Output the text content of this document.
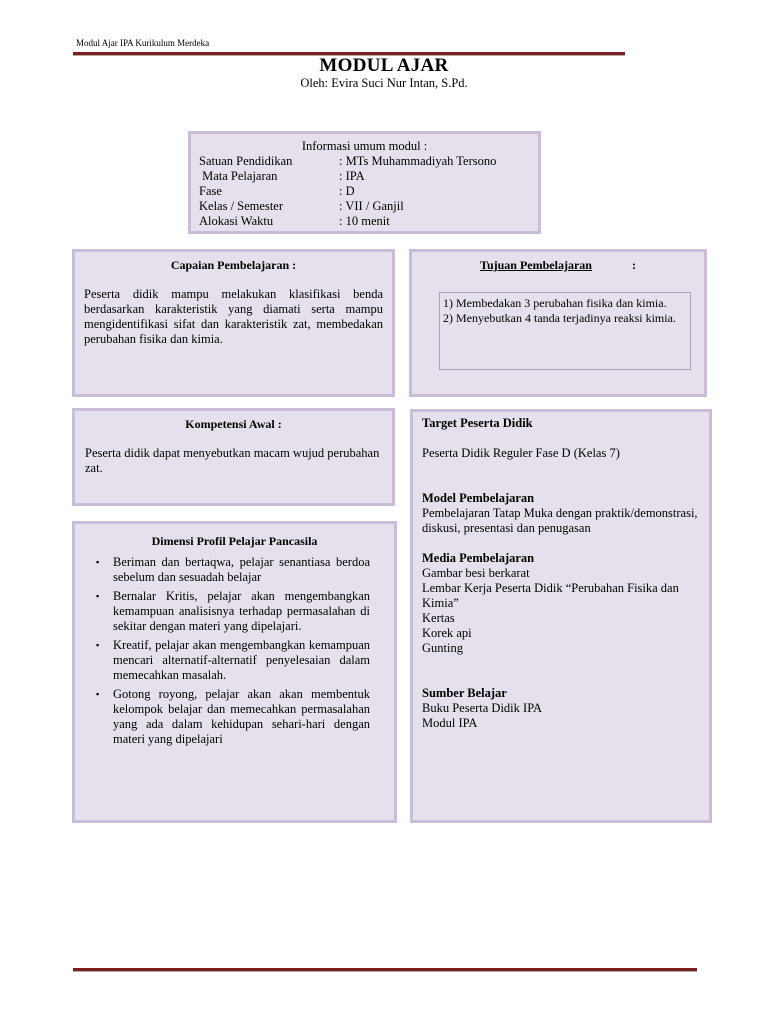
Modul Ajar IPA Kurikulum Merdeka
MODUL AJAR
Oleh: Evira Suci Nur Intan, S.Pd.
Informasi umum modul :
Satuan Pendidikan	: MTs Muhammadiyah Tersono
Mata Pelajaran	: IPA
Fase	: D
Kelas / Semester	: VII / Ganjil
Alokasi Waktu	: 10 menit
Capaian Pembelajaran :
Peserta didik mampu melakukan klasifikasi benda berdasarkan karakteristik yang diamati serta mampu mengidentifikasi sifat dan karakteristik zat, membedakan perubahan fisika dan kimia.
Tujuan Pembelajaran	:
1) Membedakan 3 perubahan fisika dan kimia.
2) Menyebutkan 4 tanda terjadinya reaksi kimia.
Kompetensi Awal :
Peserta didik dapat menyebutkan macam wujud perubahan zat.
Target Peserta Didik
Peserta Didik Reguler Fase D (Kelas 7)
Model Pembelajaran
Pembelajaran Tatap Muka dengan praktik/demonstrasi, diskusi, presentasi dan penugasan
Media Pembelajaran
Gambar besi berkarat
Lembar Kerja Peserta Didik “Perubahan Fisika dan Kimia”
Kertas
Korek api
Gunting
Sumber Belajar
Buku Peserta Didik IPA
Modul IPA
Dimensi Profil Pelajar Pancasila
▪ Beriman dan bertaqwa, pelajar senantiasa berdoa sebelum dan sesuadah belajar
▪ Bernalar Kritis, pelajar akan mengembangkan kemampuan analisisnya terhadap permasalahan di sekitar dengan materi yang dipelajari.
▪ Kreatif, pelajar akan mengembangkan kemampuan mencari alternatif-alternatif penyelesaian dalam memecahkan masalah.
▪ Gotong royong, pelajar akan akan membentuk kelompok belajar dan memecahkan permasalahan yang ada dalam kehidupan sehari-hari dengan materi yang dipelajari
